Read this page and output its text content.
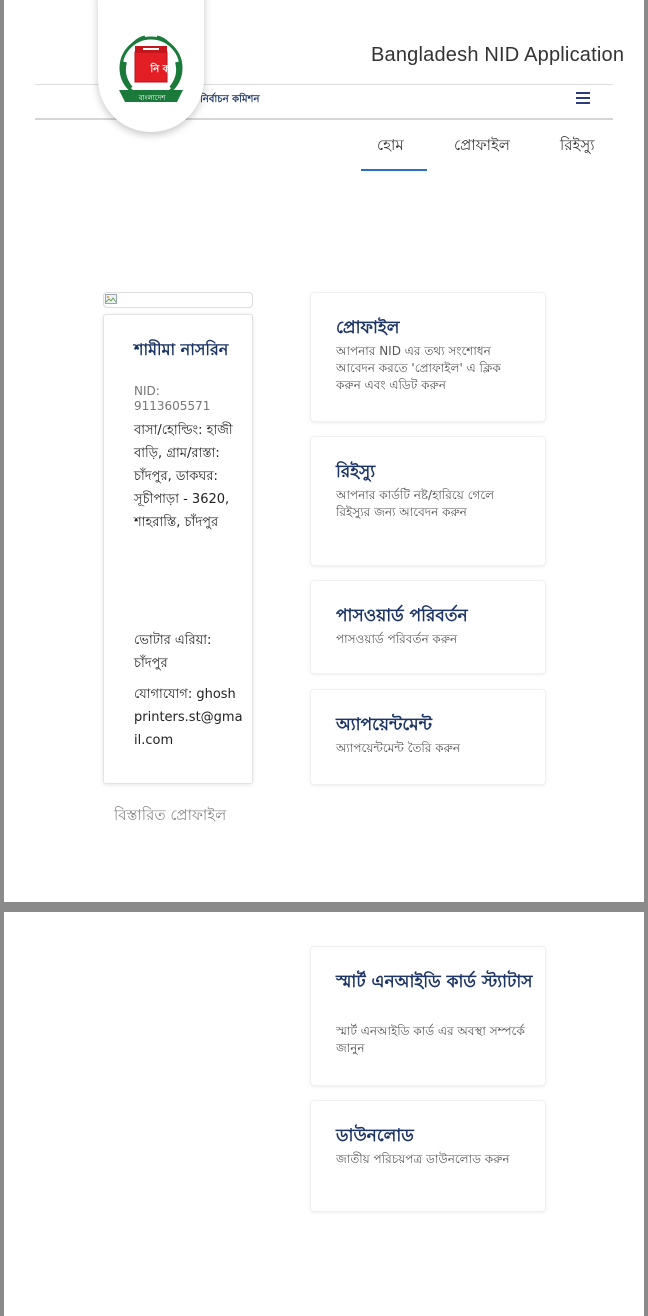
Bangladesh NID Application
নির্বাচন কমিশন
নি ক
বাংলাদেশ
হোম	প্রোফাইল	রিইস্যু
শামীমা নাসরিন
NID: 9113605571
বাসা/হোল্ডিং: হাজী বাড়ি, গ্রাম/রাস্তা: চাঁদপুর, ডাকঘর: সূচীপাড়া - 3620, শাহরাস্তি, চাঁদপুর
ভোটার এরিয়া: চাঁদপুর
যোগাযোগ: ghoshprinters.st@gmail.com
বিস্তারিত প্রোফাইল
প্রোফাইল
আপনার NID এর তথ্য সংশোধন আবেদন করতে 'প্রোফাইল' এ ক্লিক করুন এবং এডিট করুন
রিইস্যু
আপনার কার্ডটি নষ্ট/হারিয়ে গেলে রিইস্যুর জন্য আবেদন করুন
পাসওয়ার্ড পরিবর্তন
পাসওয়ার্ড পরিবর্তন করুন
অ্যাপয়েন্টমেন্ট
অ্যাপয়েন্টমেন্ট তৈরি করুন
স্মার্ট এনআইডি কার্ড স্ট্যাটাস
স্মার্ট এনআইডি কার্ড এর অবস্থা সম্পর্কে জানুন
ডাউনলোড
জাতীয় পরিচয়পত্র ডাউনলোড করুন
